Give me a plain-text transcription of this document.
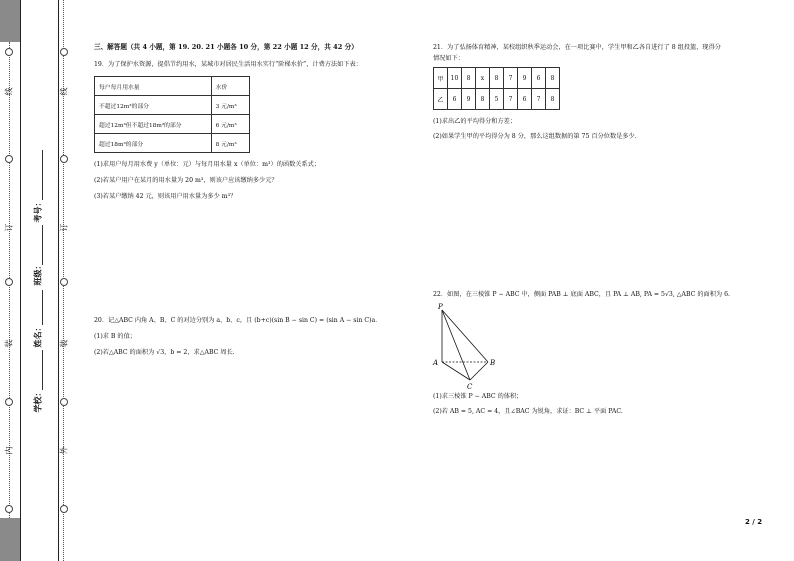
线
订
装
内
考号：
班级：
姓名：
学校：
线
订
装
外
三、解答题（共 4 小题，第 19. 20. 21 小题各 10 分，第 22 小题 12 分，共 42 分）
19．为了保护水资源，提倡节约用水，某城市对居民生活用水实行“阶梯水价”，计费方法如下表：
每户每月用水量	水价
不超过12m³的部分	3 元/m³
超过12m³但不超过18m³的部分	6 元/m³
超过18m³的部分	8 元/m³
(1)求用户每月用水费 y（单位：元）与每月用水量 x（单位：m³）的函数关系式；
(2)若某户用户在某月的用水量为 20 m³，则该户应该缴纳多少元？
(3)若某户缴纳 42 元，则该用户用水量为多少 m³？
20．记△ABC 内角 A、B、C 的对边分别为 a、b、c，且 (b+c)(sin B − sin C) = (sin A − sin C)a．
(1)求 B 的值；
(2)若△ABC 的面积为 √3，b = 2，求△ABC 周长.
21．为了弘扬体育精神，某校组织秋季运动会，在一项比赛中，学生甲和乙各自进行了 8 组投篮，现得分
情况如下：
甲	10	8	x	8	7	9	6	8
乙	6	9	8	5	7	6	7	8
(1)求出乙的平均得分和方差；
(2)如果学生甲的平均得分为 8 分，那么这组数据的第 75 百分位数是多少.
22．如图，在三棱锥 P − ABC 中，侧面 PAB ⊥ 底面 ABC，且 PA ⊥ AB, PA = 5√3, △ABC 的面积为 6.
P
A	B
C
(1)求三棱锥 P − ABC 的体积；
(2)若 AB = 5, AC = 4，且∠BAC 为锐角，求证：BC ⊥ 平面 PAC.
2 / 2
